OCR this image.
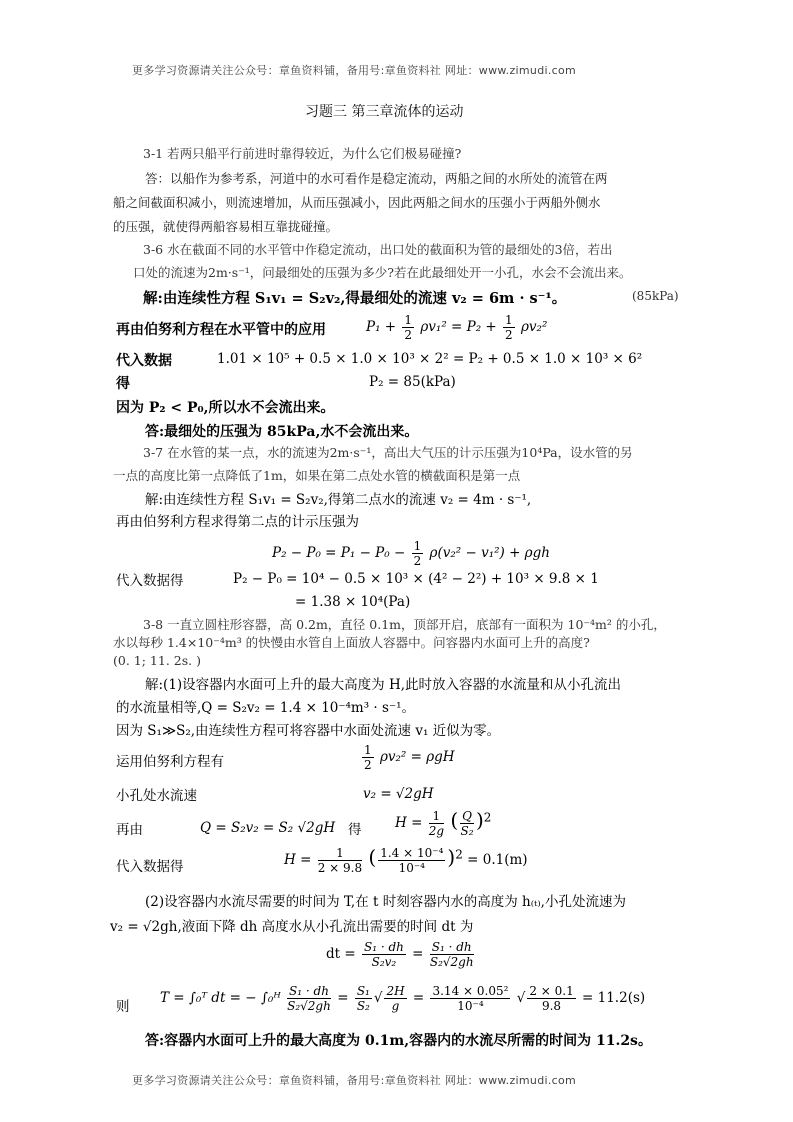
更多学习资源请关注公众号：章鱼资料铺，备用号:章鱼资料社 网址：www.zimudi.com
习题三 第三章流体的运动
3-1 若两只船平行前进时靠得较近，为什么它们极易碰撞?
答：以船作为参考系，河道中的水可看作是稳定流动，两船之间的水所处的流管在两
船之间截面积减小，则流速增加，从而压强减小，因此两船之间水的压强小于两船外侧水
的压强，就使得两船容易相互靠拢碰撞。
3-6 水在截面不同的水平管中作稳定流动，出口处的截面积为管的最细处的3倍，若出
口处的流速为2m·s⁻¹，问最细处的压强为多少?若在此最细处开一小孔，水会不会流出来。
解:由连续性方程 S₁v₁ = S₂v₂,得最细处的流速 v₂ = 6m · s⁻¹。	(85kPa)
再由伯努利方程在水平管中的应用	$P_1 + \frac{1}{2} \rho v_1^2 = P_2 + \frac{1}{2} \rho v_2^2$
代入数据	1.01 × 10⁵ + 0.5 × 1.0 × 10³ × 2² = P₂ + 0.5 × 1.0 × 10³ × 6²
得	P₂ = 85(kPa)
因为 P₂ < P₀,所以水不会流出来。
答:最细处的压强为 85kPa,水不会流出来。
3-7 在水管的某一点，水的流速为2m·s⁻¹，高出大气压的计示压强为10⁴Pa，设水管的另
一点的高度比第一点降低了1m，如果在第二点处水管的横截面积是第一点
解:由连续性方程 S₁v₁ = S₂v₂,得第二点水的流速 v₂ = 4m · s⁻¹,
再由伯努利方程求得第二点的计示压强为
$P_2 - P_0 = P_1 - P_0 - \frac{1}{2} \rho(v_2^2 - v_1^2) + \rho gh$
代入数据得	P₂ − P₀ = 10⁴ − 0.5 × 10³ × (4² − 2²) + 10³ × 9.8 × 1
= 1.38 × 10⁴(Pa)
3-8 一直立圆柱形容器，高 0.2m，直径 0.1m，顶部开启，底部有一面积为 10⁻⁴m² 的小孔，
水以每秒 1.4×10⁻⁴m³ 的快慢由水管自上面放人容器中。问容器内水面可上升的高度?
(0. 1; 11. 2s. )
解:(1)设容器内水面可上升的最大高度为 H,此时放入容器的水流量和从小孔流出
的水流量相等,Q = S₂v₂ = 1.4 × 10⁻⁴m³ · s⁻¹。
因为 S₁≫S₂,由连续性方程可将容器中水面处流速 v₁ 近似为零。
运用伯努利方程有	$\frac{1}{2} \rho v_2^2 = \rho gH$
小孔处水流速	v₂ = √2gH
再由	Q = S₂v₂ = S₂ √2gH 得 $H = \frac{1}{2g}$ ( $\frac{Q}{\text{S₂}} )^2$
代入数据得	$H = \frac{1}{2 \times 9.8}$ ( $\frac{\text{1.4 × 10⁻⁴}}{\text{10⁻⁴}} )^2 = 0.1(m)$
(2)设容器内水流尽需要的时间为 T,在 t 时刻容器内水的高度为 h₍ₜ₎,小孔处流速为
v₂ = √2gh,液面下降 dh 高度水从小孔流出需要的时间 dt 为
dt = $\frac{\text{S₁ · dh}}{\text{S₂v₂}} = \frac{\text{S₁ · dh}}{\text{S₂√2gh}}$
则
T = ∫₀ᵀ dt = − ∫₀ᴴ $\frac{\text{S₁ · dh}}{\text{S₂√2gh}} = \frac{\text{S₁}}{\text{S₂}}$ √ $\frac{2H}{g} = \frac{\text{3.14 × 0.05²}}{\text{10⁻⁴}}$ √ $\frac{2 \times 0.1}{9.8} = 11.2(s)$
答:容器内水面可上升的最大高度为 0.1m,容器内的水流尽所需的时间为 11.2s。
更多学习资源请关注公众号：章鱼资料铺，备用号:章鱼资料社 网址：www.zimudi.com
